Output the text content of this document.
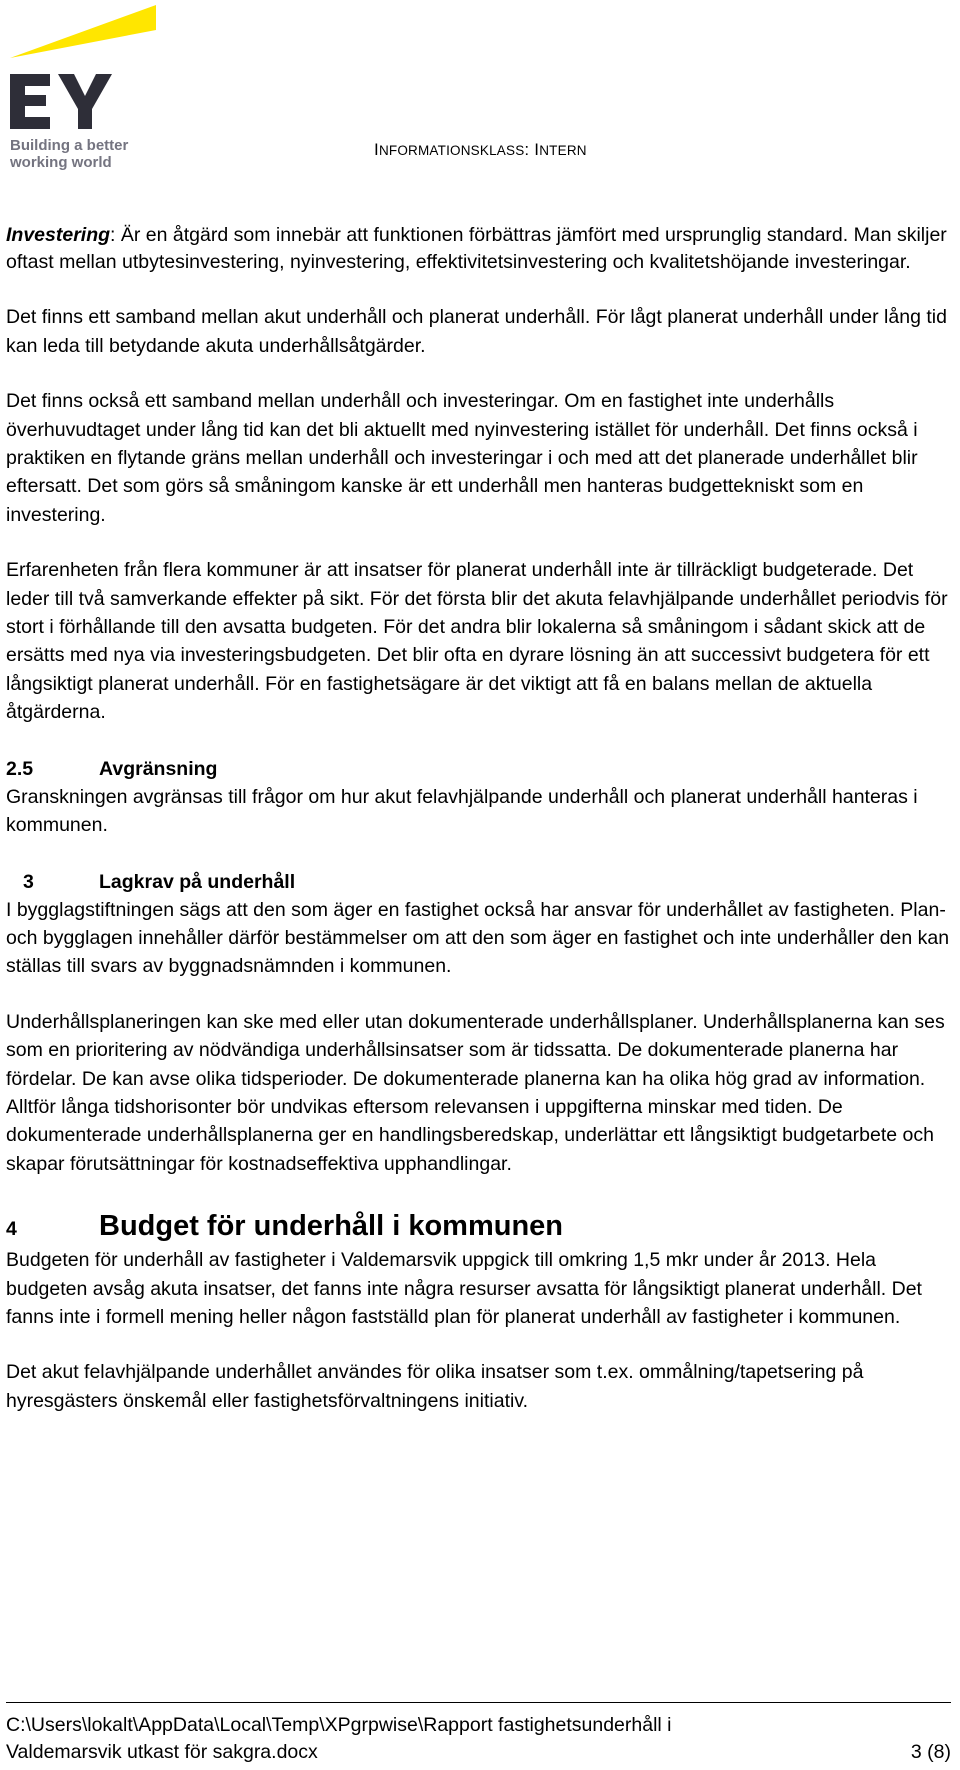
Building a better
working world
INFORMATIONSKLASS: INTERN

Investering: Är en åtgärd som innebär att funktionen förbättras jämfört med ursprunglig standard. Man skiljer oftast mellan utbytesinvestering, nyinvestering, effektivitetsinvestering och kvalitetshöjande investeringar.

Det finns ett samband mellan akut underhåll och planerat underhåll. För lågt planerat underhåll under lång tid kan leda till betydande akuta underhållsåtgärder.

Det finns också ett samband mellan underhåll och investeringar. Om en fastighet inte underhålls överhuvudtaget under lång tid kan det bli aktuellt med nyinvestering istället för underhåll. Det finns också i praktiken en flytande gräns mellan underhåll och investeringar i och med att det planerade underhållet blir eftersatt. Det som görs så småningom kanske är ett underhåll men hanteras budgettekniskt som en investering.

Erfarenheten från flera kommuner är att insatser för planerat underhåll inte är tillräckligt budgeterade. Det leder till två samverkande effekter på sikt. För det första blir det akuta felavhjälpande underhållet periodvis för stort i förhållande till den avsatta budgeten. För det andra blir lokalerna så småningom i sådant skick att de ersätts med nya via investeringsbudgeten. Det blir ofta en dyrare lösning än att successivt budgetera för ett långsiktigt planerat underhåll. För en fastighetsägare är det viktigt att få en balans mellan de aktuella åtgärderna.

2.5	Avgränsning

Granskningen avgränsas till frågor om hur akut felavhjälpande underhåll och planerat underhåll hanteras i kommunen.

3	Lagkrav på underhåll

I bygglagstiftningen sägs att den som äger en fastighet också har ansvar för underhållet av fastigheten. Plan- och bygglagen innehåller därför bestämmelser om att den som äger en fastighet och inte underhåller den kan ställas till svars av byggnadsnämnden i kommunen.

Underhållsplaneringen kan ske med eller utan dokumenterade underhållsplaner. Underhållsplanerna kan ses som en prioritering av nödvändiga underhållsinsatser som är tidssatta. De dokumenterade planerna har fördelar. De kan avse olika tidsperioder. De dokumenterade planerna kan ha olika hög grad av information. Alltför långa tidshorisonter bör undvikas eftersom relevansen i uppgifterna minskar med tiden. De dokumenterade underhållsplanerna ger en handlingsberedskap, underlättar ett långsiktigt budgetarbete och skapar förutsättningar för kostnadseffektiva upphandlingar.

4	Budget för underhåll i kommunen

Budgeten för underhåll av fastigheter i Valdemarsvik uppgick till omkring 1,5 mkr under år 2013. Hela budgeten avsåg akuta insatser, det fanns inte några resurser avsatta för långsiktigt planerat underhåll. Det fanns inte i formell mening heller någon fastställd plan för planerat underhåll av fastigheter i kommunen.

Det akut felavhjälpande underhållet användes för olika insatser som t.ex. ommålning/tapetsering på hyresgästers önskemål eller fastighetsförvaltningens initiativ.

C:\Users\lokalt\AppData\Local\Temp\XPgrpwise\Rapport fastighetsunderhåll i
Valdemarsvik utkast för sakgra.docx	3 (8)
